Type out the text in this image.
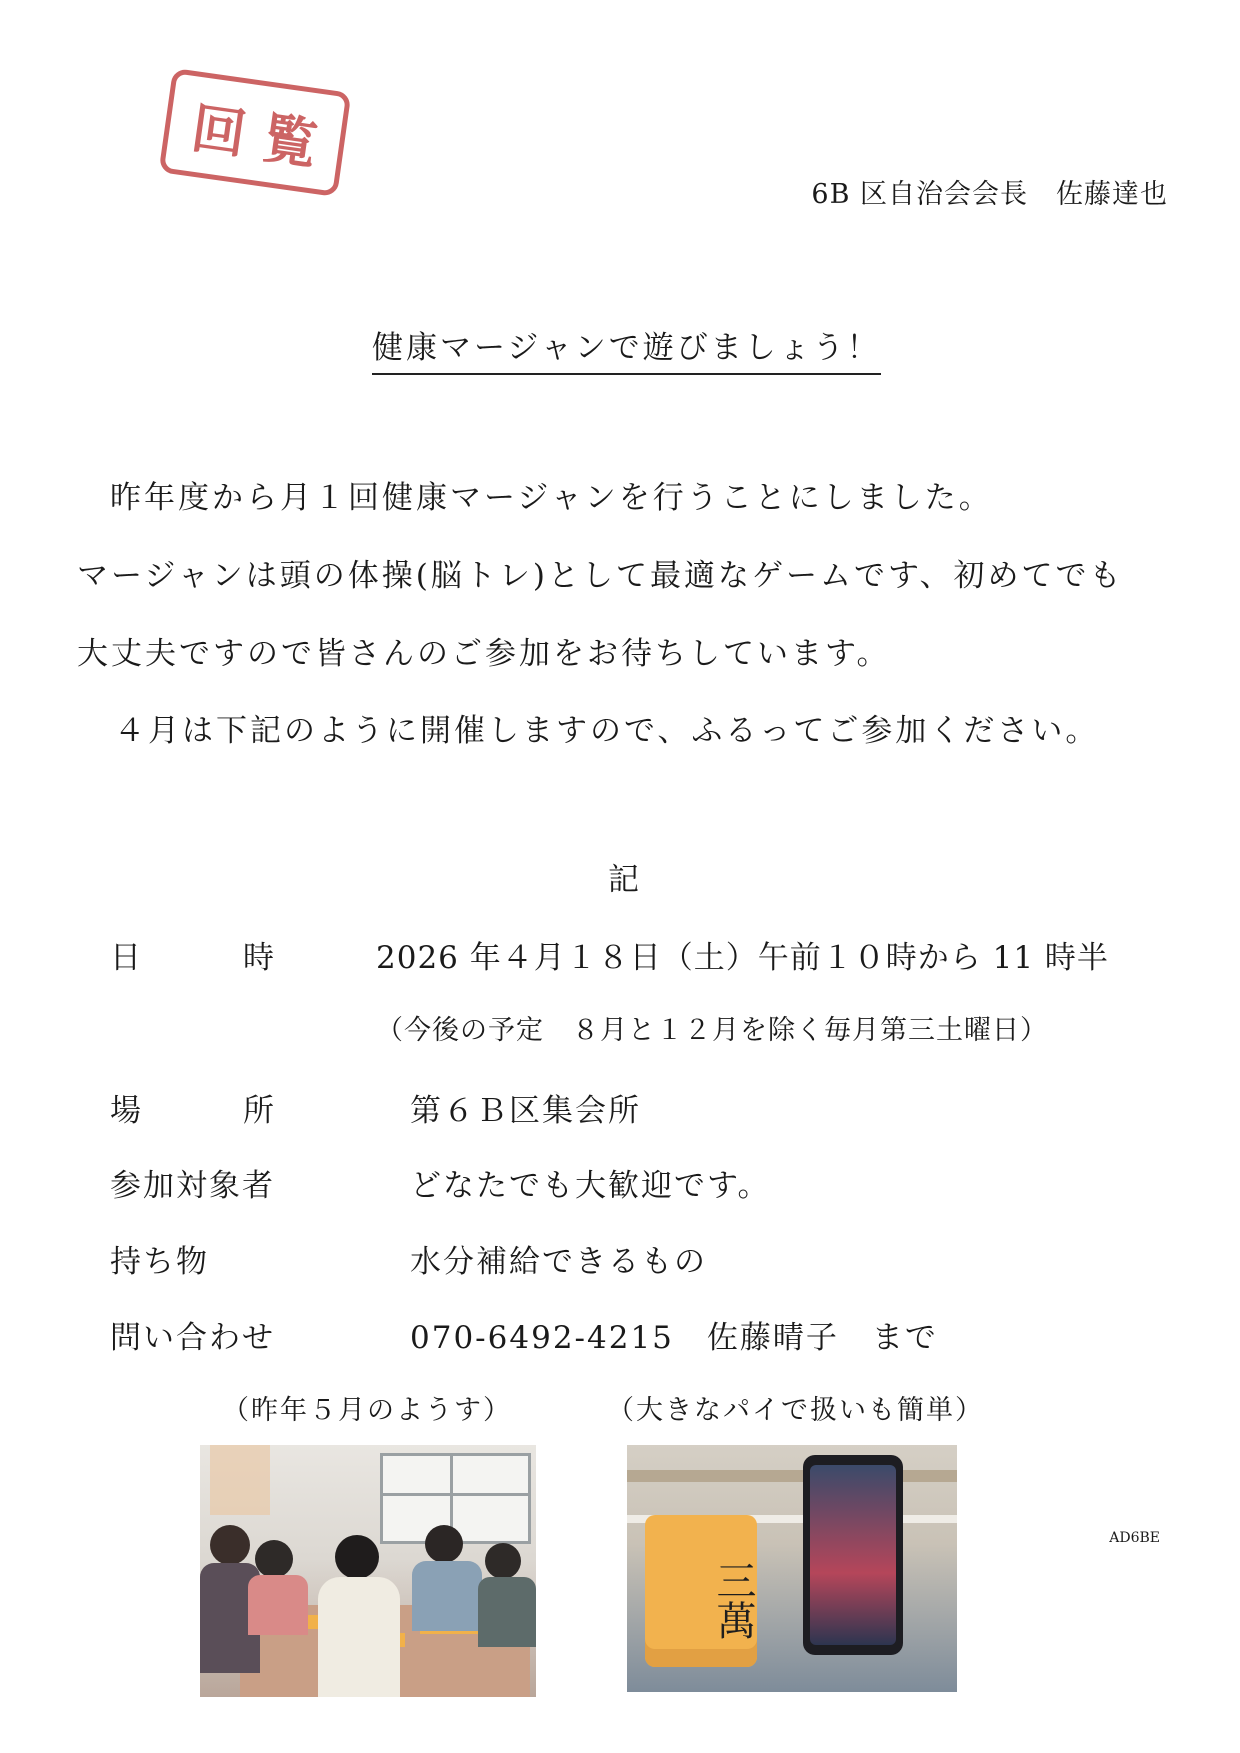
回 覧
6B 区自治会会長　佐藤達也
健康マージャンで遊びましょう！
昨年度から月１回健康マージャンを行うことにしました。
マージャンは頭の体操(脳トレ)として最適なゲームです、初めてでも
大丈夫ですので皆さんのご参加をお待ちしています。
４月は下記のように開催しますので、ふるってご参加ください。
記
日	時	2026 年４月１８日（土）午前１０時から 11 時半
（今後の予定　８月と１２月を除く毎月第三土曜日）
場	所	第６Ｂ区集会所
参加対象者	どなたでも大歓迎です。
持ち物	水分補給できるもの
問い合わせ	070-6492-4215　佐藤晴子　まで
（昨年５月のようす）	（大きなパイで扱いも簡単）
三萬
AD6BE
